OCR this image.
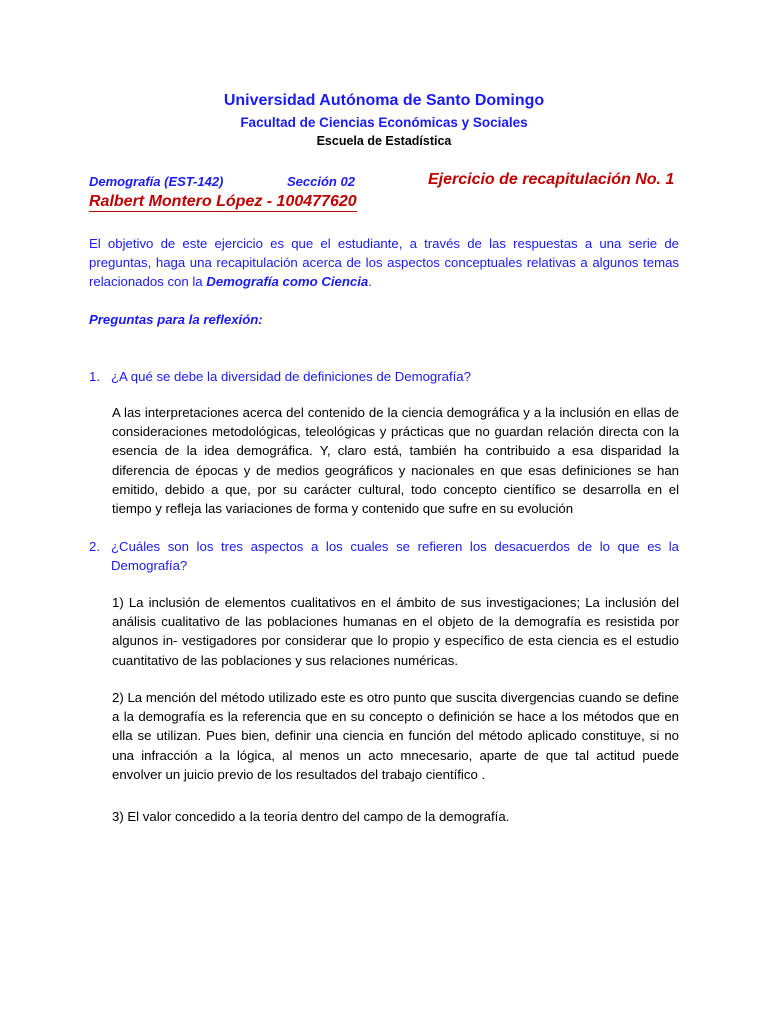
Universidad Autónoma de Santo Domingo
Facultad de Ciencias Económicas y Sociales
Escuela de Estadística
Demografía (EST-142)	Sección 02	Ejercicio de recapitulación No. 1
Ralbert Montero López - 100477620
El objetivo de este ejercicio es que el estudiante, a través de las respuestas a una serie de preguntas, haga una recapitulación acerca de los aspectos conceptuales relativas a algunos temas relacionados con la Demografía como Ciencia.
Preguntas para la reflexión:
1. ¿A qué se debe la diversidad de definiciones de Demografía?
A las interpretaciones acerca del contenido de la ciencia demográfica y a la inclusión en ellas de consideraciones metodológicas, teleológicas y prácticas que no guardan relación directa con la esencia de la idea demográfica. Y, claro está, también ha contribuido a esa disparidad la diferencia de épocas y de medios geográficos y nacionales en que esas definiciones se han emitido, debido a que, por su carácter cultural, todo concepto científico se desarrolla en el tiempo y refleja las variaciones de forma y contenido que sufre en su evolución
2. ¿Cuáles son los tres aspectos a los cuales se refieren los desacuerdos de lo que es la Demografía?
1) La inclusión de elementos cualitativos en el ámbito de sus investigaciones; La inclusión del análisis cualitativo de las poblaciones humanas en el objeto de la demografía es resistida por algunos in- vestigadores por considerar que lo propio y específico de esta ciencia es el estudio cuantitativo de las poblaciones y sus relaciones numéricas.
2) La mención del método utilizado este es otro punto que suscita divergencias cuando se define a la demografía es la referencia que en su concepto o definición se hace a los métodos que en ella se utilizan. Pues bien, definir una ciencia en función del método aplicado constituye, si no una infracción a la lógica, al menos un acto mnecesario, aparte de que tal actitud puede envolver un juicio previo de los resultados del trabajo científico .
3) El valor concedido a la teoría dentro del campo de la demografía.
